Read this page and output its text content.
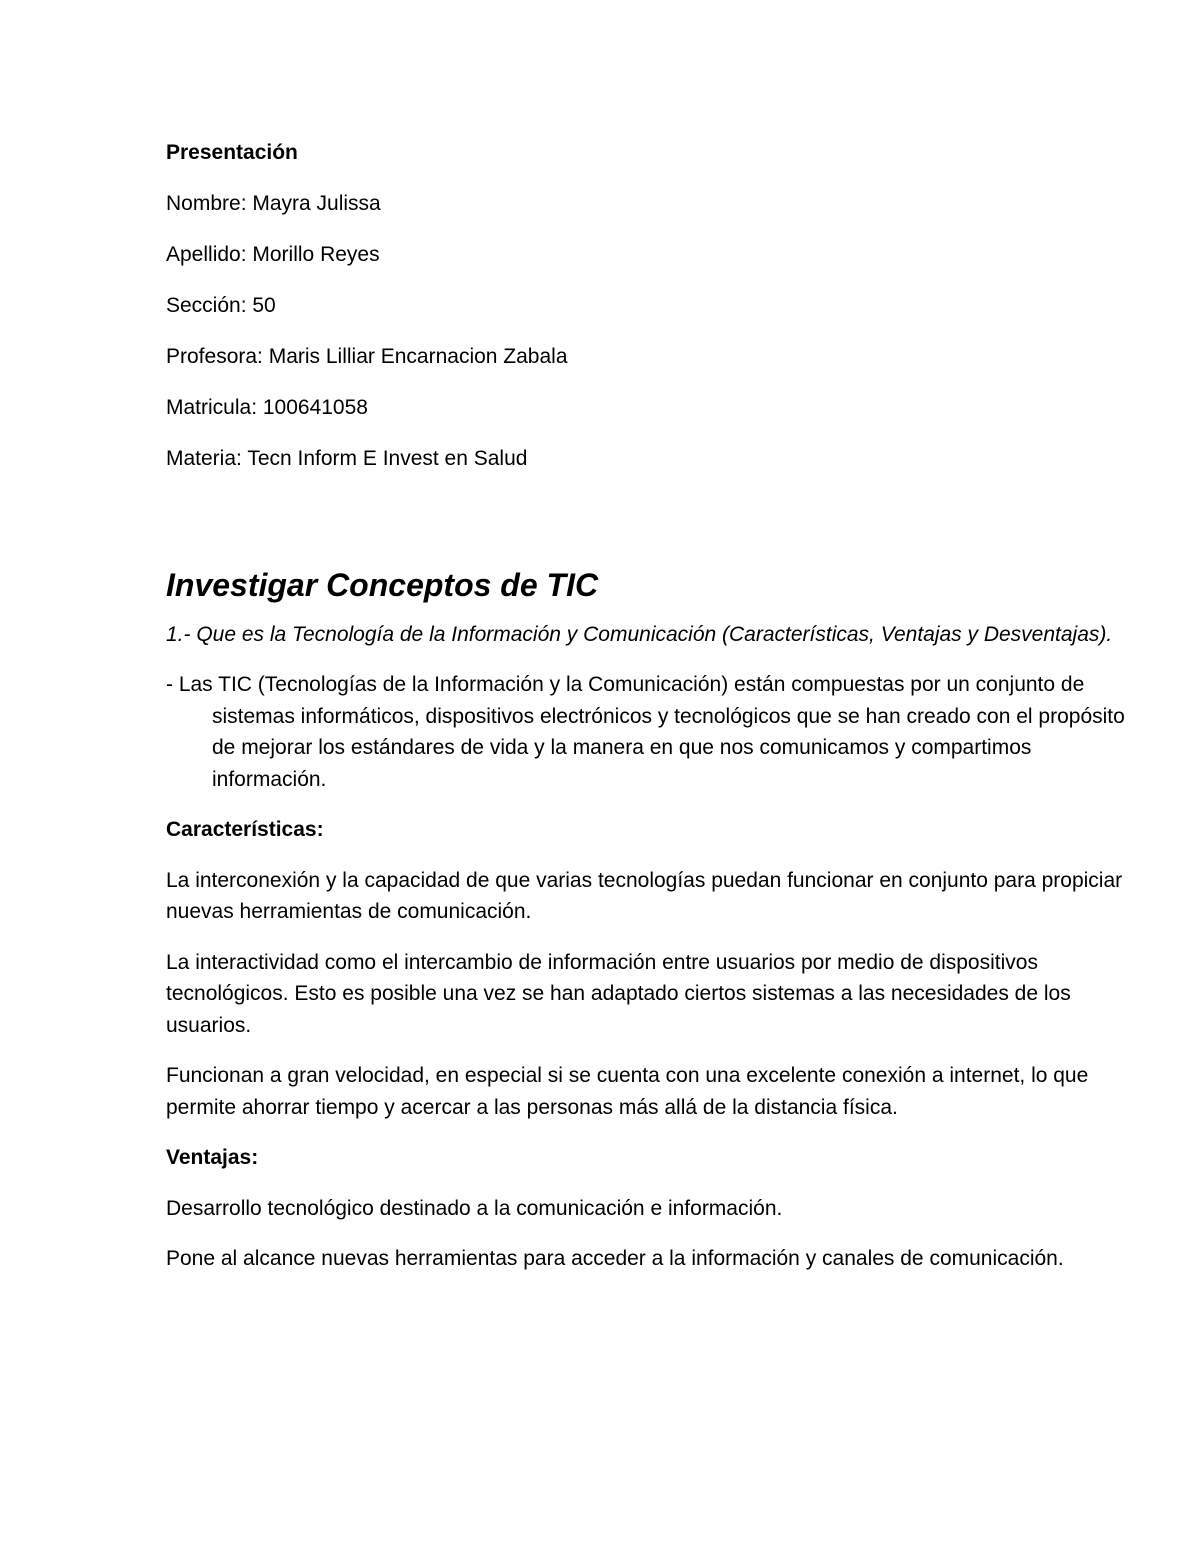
Presentación

Nombre: Mayra Julissa

Apellido: Morillo Reyes

Sección: 50

Profesora: Maris Lilliar Encarnacion Zabala

Matricula: 100641058

Materia: Tecn Inform E Invest en Salud

Investigar Conceptos de TIC

1.- Que es la Tecnología de la Información y Comunicación (Características, Ventajas y Desventajas).

- Las TIC (Tecnologías de la Información y la Comunicación) están compuestas por un conjunto de sistemas informáticos, dispositivos electrónicos y tecnológicos que se han creado con el propósito de mejorar los estándares de vida y la manera en que nos comunicamos y compartimos información.

Características:

La interconexión y la capacidad de que varias tecnologías puedan funcionar en conjunto para propiciar nuevas herramientas de comunicación.

La interactividad como el intercambio de información entre usuarios por medio de dispositivos tecnológicos. Esto es posible una vez se han adaptado ciertos sistemas a las necesidades de los usuarios.

Funcionan a gran velocidad, en especial si se cuenta con una excelente conexión a internet, lo que permite ahorrar tiempo y acercar a las personas más allá de la distancia física.

Ventajas:

Desarrollo tecnológico destinado a la comunicación e información.

Pone al alcance nuevas herramientas para acceder a la información y canales de comunicación.
